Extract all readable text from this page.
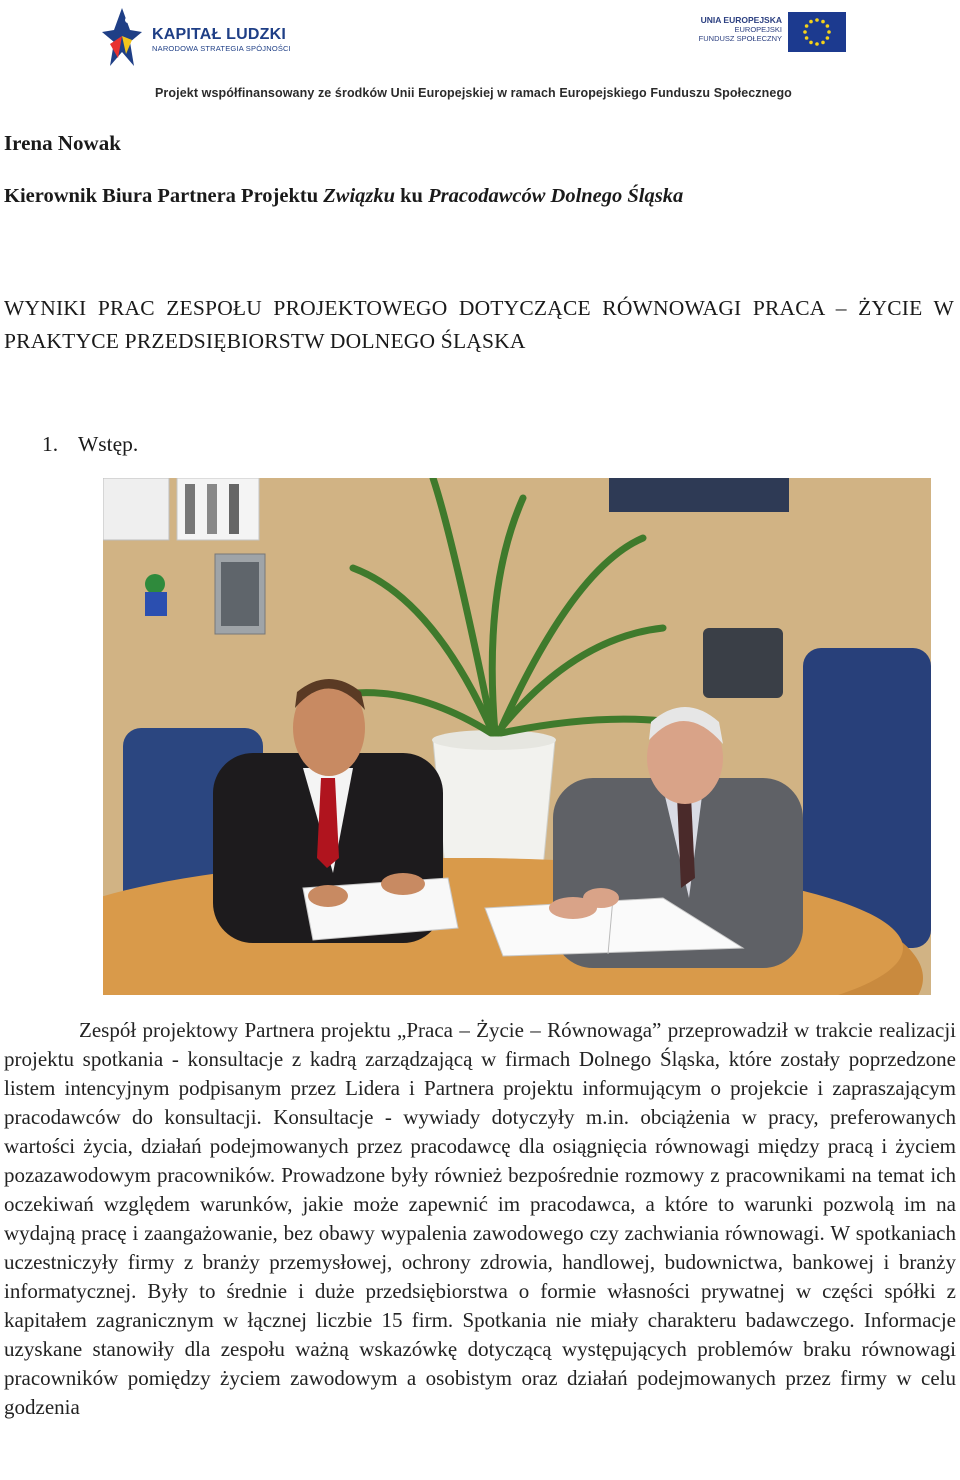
KAPITAŁ LUDZKI
NARODOWA STRATEGIA SPÓJNOŚCI
UNIA EUROPEJSKA
EUROPEJSKI
FUNDUSZ SPOŁECZNY
Projekt współfinansowany ze środków Unii Europejskiej w ramach Europejskiego Funduszu Społecznego

Irena Nowak

Kierownik Biura Partnera Projektu Związku ku Pracodawców Dolnego Śląska

WYNIKI PRAC ZESPOŁU PROJEKTOWEGO DOTYCZĄCE RÓWNOWAGI PRACA – ŻYCIE W PRAKTYCE PRZEDSIĘBIORSTW DOLNEGO ŚLĄSKA
1. Wstęp.

Zespół projektowy Partnera projektu „Praca – Życie – Równowaga” przeprowadził w trakcie realizacji projektu spotkania - konsultacje z kadrą zarządzającą w firmach Dolnego Śląska, które zostały poprzedzone listem intencyjnym podpisanym przez Lidera i Partnera projektu informującym o projekcie i zapraszającym pracodawców do konsultacji. Konsultacje - wywiady dotyczyły m.in. obciążenia w pracy, preferowanych wartości życia, działań podejmowanych przez pracodawcę dla osiągnięcia równowagi między pracą i życiem pozazawodowym pracowników. Prowadzone były również bezpośrednie rozmowy z pracownikami na temat ich oczekiwań względem warunków, jakie może zapewnić im pracodawca, a które to warunki pozwolą im na wydajną pracę i zaangażowanie, bez obawy wypalenia zawodowego czy zachwiania równowagi. W spotkaniach uczestniczyły firmy z branży przemysłowej, ochrony zdrowia, handlowej, budownictwa, bankowej i branży informatycznej. Były to średnie i duże przedsiębiorstwa o formie własności prywatnej w części spółki z kapitałem zagranicznym w łącznej liczbie 15 firm. Spotkania nie miały charakteru badawczego. Informacje uzyskane stanowiły dla zespołu ważną wskazówkę dotyczącą występujących problemów braku równowagi pracowników pomiędzy życiem zawodowym a osobistym oraz działań podejmowanych przez firmy w celu godzenia
